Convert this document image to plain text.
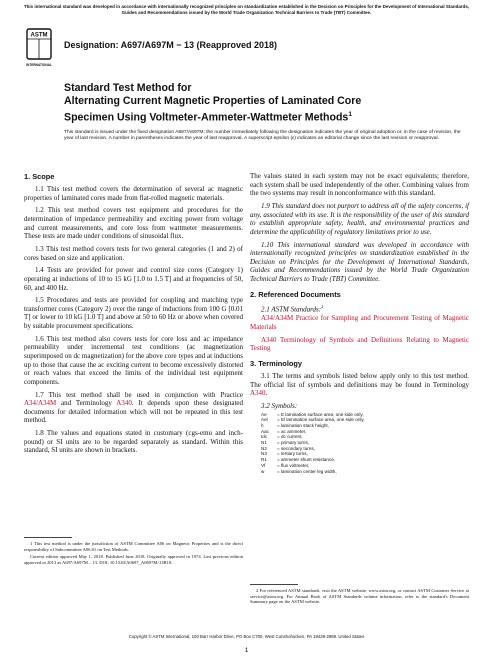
This international standard was developed in accordance with internationally recognized principles on standardization established in the Decision on Principles for the Development of International Standards, Guides and Recommendations issued by the World Trade Organization Technical Barriers to Trade (TBT) Committee.
ASTM
INTERNATIONAL
Designation: A697/A697M − 13 (Reapproved 2018)
Standard Test Method for
Alternating Current Magnetic Properties of Laminated Core
Specimen Using Voltmeter-Ammeter-Wattmeter Methods$^1$
This standard is issued under the fixed designation A697/A697M; the number immediately following the designation indicates the year of original adoption or, in the case of revision, the year of last revision. A number in parentheses indicates the year of last reapproval. A superscript epsilon (ε) indicates an editorial change since the last revision or reapproval.
1. Scope

1.1 This test method covers the determination of several ac magnetic properties of laminated cores made from flat-rolled magnetic materials.

1.2 This test method covers test equipment and procedures for the determination of impedance permeability and exciting power from voltage and current measurements, and core loss from wattmeter measurements. These tests are made under conditions of sinusoidal flux.

1.3 This test method covers tests for two general categories (1 and 2) of cores based on size and application.

1.4 Tests are provided for power and control size cores (Category 1) operating at inductions of 10 to 15 kG [1.0 to 1.5 T] and at frequencies of 50, 60, and 400 Hz.

1.5 Procedures and tests are provided for coupling and matching type transformer cores (Category 2) over the range of inductions from 100 G [0.01 T] or lower to 10 kG [1.0 T] and above at 50 to 60 Hz or above when covered by suitable procurement specifications.

1.6 This test method also covers tests for core loss and ac impedance permeability under incremental test conditions (ac magnetization superimposed on dc magnetization) for the above core types and at inductions up to those that cause the ac exciting current to become excessively distorted or reach values that exceed the limits of the individual test equipment components.

1.7 This test method shall be used in conjunction with Practice A34/A34M and Terminology A340. It depends upon these designated documents for detailed information which will not be repeated in this test method.

1.8 The values and equations stated in customary (cgs-emu and inch-pound) or SI units are to be regarded separately as standard. Within this standard, SI units are shown in brackets.

The values stated in each system may not be exact equivalents; therefore, each system shall be used independently of the other. Combining values from the two systems may result in nonconformance with this standard.

1.9 This standard does not purport to address all of the safety concerns, if any, associated with its use. It is the responsibility of the user of this standard to establish appropriate safety, health, and environmental practices and determine the applicability of regulatory limitations prior to use.

1.10 This international standard was developed in accordance with internationally recognized principles on standardization established in the Decision on Principles for the Development of International Standards, Guides and Recommendations issued by the World Trade Organization Technical Barriers to Trade (TBT) Committee.

2. Referenced Documents

2.1 ASTM Standards:$^2$

A34/A34M Practice for Sampling and Procurement Testing of Magnetic Materials

A340 Terminology of Symbols and Definitions Relating to Magnetic Testing

3. Terminology

3.1 The terms and symbols listed below apply only to this test method. The official list of symbols and definitions may be found in Terminology A340.

3.2 Symbols:

Ae	= E lamination surface area, one side only,
Ael	= El lamination surface area, one side only,
h	= lamination stack height,
Aac	= ac ammeter,
Idc	= dc current,
N1	= primary turns,
N2	= secondary turns,
N3	= tertiary turns,
R1	= ammeter shunt resistance,
Vf	= flux voltmeter,
w	= lamination center leg width,

1 This test method is under the jurisdiction of ASTM Committee A06 on Magnetic Properties and is the direct responsibility of Subcommittee A06.01 on Test Methods.

Current edition approved May 1, 2018. Published June 2018. Originally approved in 1974. Last previous edition approved in 2013 as A697/A697M – 13. DOI: 10.1520/A0697_A0697M-13R18.

2 For referenced ASTM standards, visit the ASTM website, www.astm.org, or contact ASTM Customer Service at service@astm.org. For Annual Book of ASTM Standards volume information, refer to the standard's Document Summary page on the ASTM website.

Copyright © ASTM International, 100 Barr Harbor Drive, PO Box C700, West Conshohocken, PA 19428-2959. United States
1
